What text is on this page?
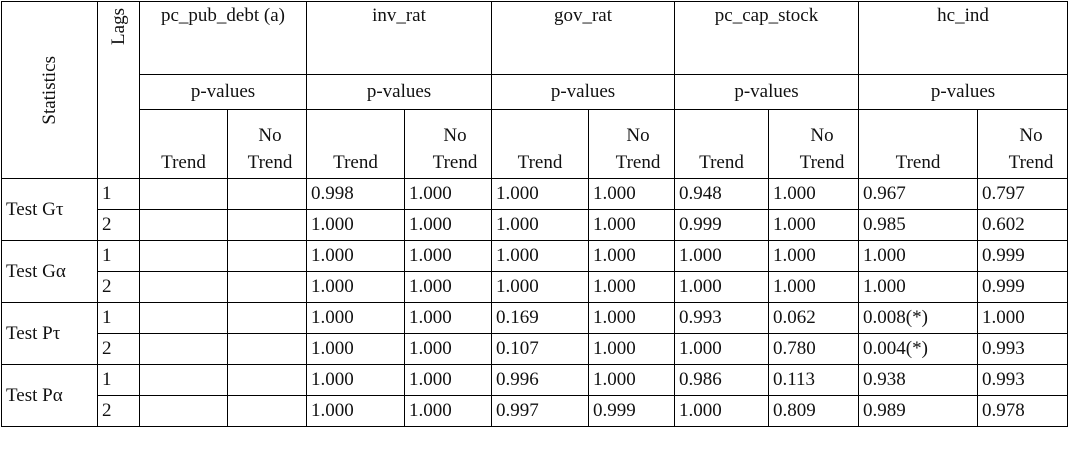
Statistics	Lags	pc_pub_debt (a)		inv_rat		gov_rat		pc_cap_stock		hc_ind	
		p-values		p-values		p-values		p-values		p-values	
		Trend	No Trend	Trend	No Trend	Trend	No Trend	Trend	No Trend	Trend	No Trend
Test Gτ	1			0.998	1.000	1.000	1.000	0.948	1.000	0.967	0.797
	2			1.000	1.000	1.000	1.000	0.999	1.000	0.985	0.602
Test Gα	1			1.000	1.000	1.000	1.000	1.000	1.000	1.000	0.999
	2			1.000	1.000	1.000	1.000	1.000	1.000	1.000	0.999
Test Pτ	1			1.000	1.000	0.169	1.000	0.993	0.062	0.008(*)	1.000
	2			1.000	1.000	0.107	1.000	1.000	0.780	0.004(*)	0.993
Test Pα	1			1.000	1.000	0.996	1.000	0.986	0.113	0.938	0.993
	2			1.000	1.000	0.997	0.999	1.000	0.809	0.989	0.978
